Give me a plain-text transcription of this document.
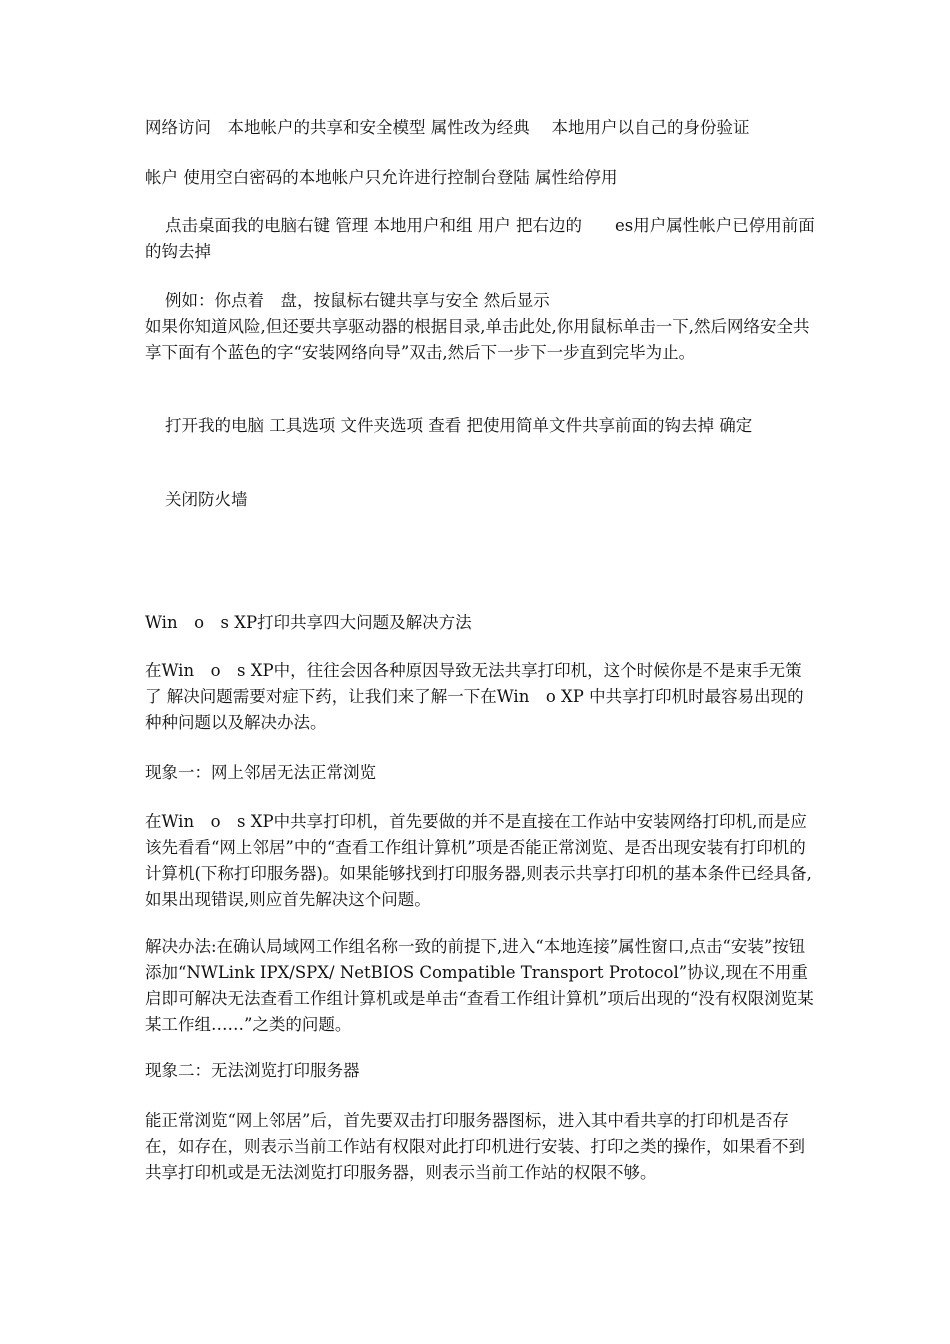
网络访问　本地帐户的共享和安全模型 属性改为经典　 本地用户以自己的身份验证

帐户 使用空白密码的本地帐户只允许进行控制台登陆 属性给停用

点击桌面我的电脑右键 管理 本地用户和组 用户 把右边的　　es用户属性帐户已停用前面的钩去掉

例如：你点着　盘，按鼠标右键共享与安全 然后显示

如果你知道风险,但还要共享驱动器的根据目录,单击此处,你用鼠标单击一下,然后网络安全共享下面有个蓝色的字“安装网络向导”双击,然后下一步下一步直到完毕为止。

打开我的电脑 工具选项 文件夹选项 查看 把使用简单文件共享前面的钩去掉 确定

关闭防火墙

Win　o　s XP打印共享四大问题及解决方法

在Win　o　s XP中，往往会因各种原因导致无法共享打印机，这个时候你是不是束手无策了 解决问题需要对症下药，让我们来了解一下在Win　o XP 中共享打印机时最容易出现的种种问题以及解决办法。

现象一：网上邻居无法正常浏览

在Win　o　s XP中共享打印机，首先要做的并不是直接在工作站中安装网络打印机,而是应该先看看“网上邻居”中的“查看工作组计算机”项是否能正常浏览、是否出现安装有打印机的计算机(下称打印服务器)。如果能够找到打印服务器,则表示共享打印机的基本条件已经具备,如果出现错误,则应首先解决这个问题。

解决办法:在确认局域网工作组名称一致的前提下,进入“本地连接”属性窗口,点击“安装”按钮添加“NWLink IPX/SPX/ NetBIOS Compatible Transport Protocol”协议,现在不用重启即可解决无法查看工作组计算机或是单击“查看工作组计算机”项后出现的“没有权限浏览某某工作组……”之类的问题。

现象二：无法浏览打印服务器

能正常浏览“网上邻居”后，首先要双击打印服务器图标，进入其中看共享的打印机是否存在，如存在，则表示当前工作站有权限对此打印机进行安装、打印之类的操作，如果看不到共享打印机或是无法浏览打印服务器，则表示当前工作站的权限不够。
